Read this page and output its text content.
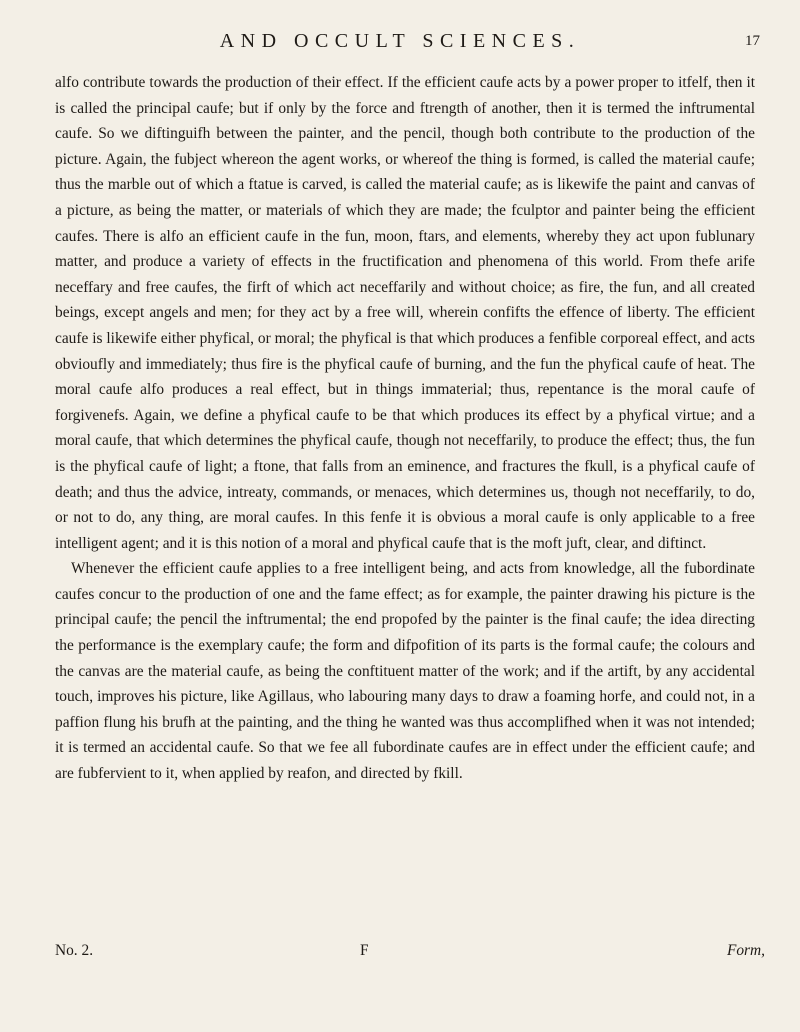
AND OCCULT SCIENCES.	17

alfo contribute towards the production of their effect. If the efficient caufe acts by a power proper to itfelf, then it is called the principal caufe; but if only by the force and ftrength of another, then it is termed the inftrumental caufe. So we diftinguifh between the painter, and the pencil, though both contribute to the production of the picture. Again, the fubject whereon the agent works, or whereof the thing is formed, is called the material caufe; thus the marble out of which a ftatue is carved, is called the material caufe; as is likewife the paint and canvas of a picture, as being the matter, or materials of which they are made; the fculptor and painter being the efficient caufes. There is alfo an efficient caufe in the fun, moon, ftars, and elements, whereby they act upon fublunary matter, and produce a variety of effects in the fructification and phenomena of this world. From thefe arife neceffary and free caufes, the firft of which act neceffarily and without choice; as fire, the fun, and all created beings, except angels and men; for they act by a free will, wherein confifts the effence of liberty. The efficient caufe is likewife either phyfical, or moral; the phyfical is that which produces a fenfible corporeal effect, and acts obvioufly and immediately; thus fire is the phyfical caufe of burning, and the fun the phyfical caufe of heat. The moral caufe alfo produces a real effect, but in things immaterial; thus, repentance is the moral caufe of forgivenefs. Again, we define a phyfical caufe to be that which produces its effect by a phyfical virtue; and a moral caufe, that which determines the phyfical caufe, though not neceffarily, to produce the effect; thus, the fun is the phyfical caufe of light; a ftone, that falls from an eminence, and fractures the fkull, is a phyfical caufe of death; and thus the advice, intreaty, commands, or menaces, which determines us, though not neceffarily, to do, or not to do, any thing, are moral caufes. In this fenfe it is obvious a moral caufe is only applicable to a free intelligent agent; and it is this notion of a moral and phyfical caufe that is the moft juft, clear, and diftinct.

Whenever the efficient caufe applies to a free intelligent being, and acts from knowledge, all the fubordinate caufes concur to the production of one and the fame effect; as for example, the painter drawing his picture is the principal caufe; the pencil the inftrumental; the end propofed by the painter is the final caufe; the idea directing the performance is the exemplary caufe; the form and difpofition of its parts is the formal caufe; the colours and the canvas are the material caufe, as being the conftituent matter of the work; and if the artift, by any accidental touch, improves his picture, like Agillaus, who labouring many days to draw a foaming horfe, and could not, in a paffion flung his brufh at the painting, and the thing he wanted was thus accomplifhed when it was not intended; it is termed an accidental caufe. So that we fee all fubordinate caufes are in effect under the efficient caufe; and are fubfervient to it, when applied by reafon, and directed by fkill.

No. 2.	F	Form,
